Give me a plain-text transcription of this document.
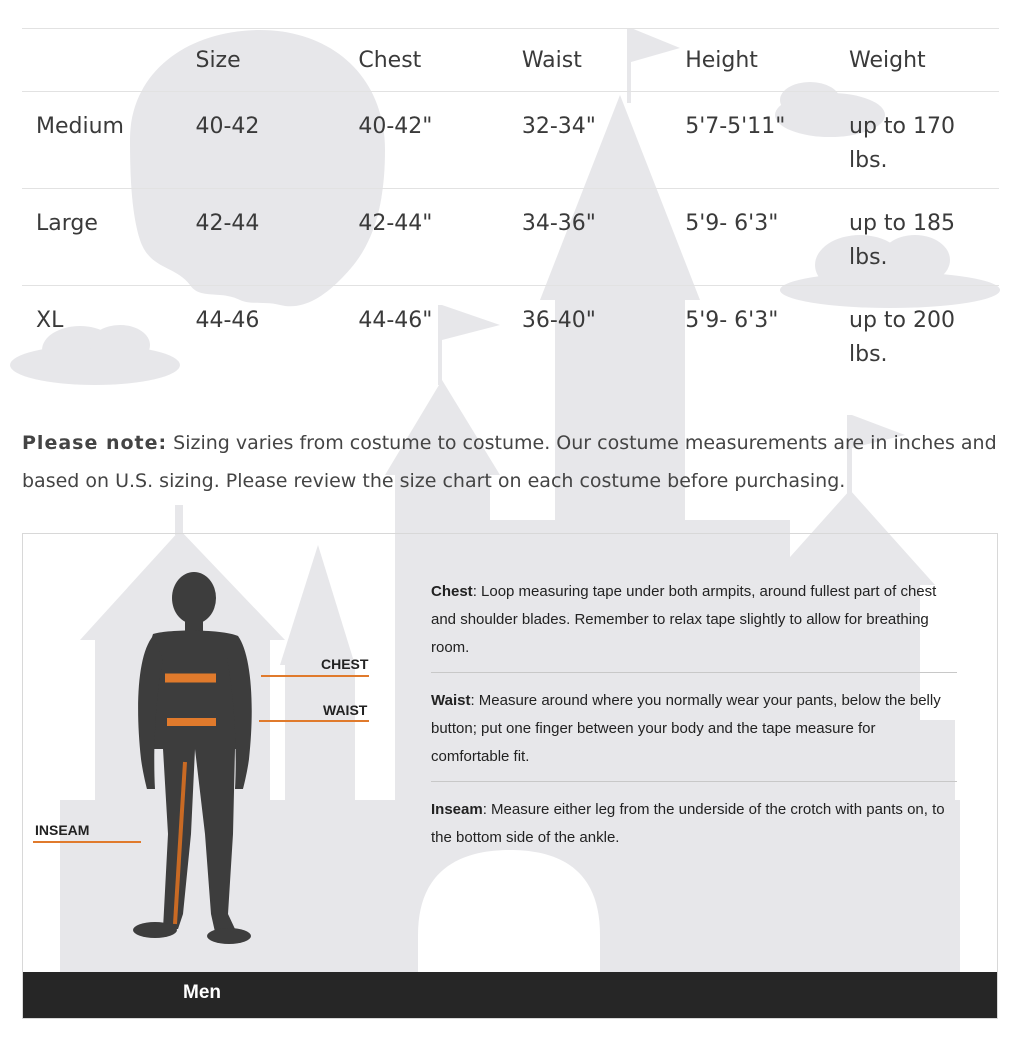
	Size	Chest	Waist	Height	Weight
Medium	40-42	40-42"	32-34"	5'7-5'11"	up to 170 lbs.
Large	42-44	42-44"	34-36"	5'9- 6'3"	up to 185 lbs.
XL	44-46	44-46"	36-40"	5'9- 6'3"	up to 200 lbs.
Please note: Sizing varies from costume to costume. Our costume measurements are in inches and based on U.S. sizing. Please review the size chart on each costume before purchasing.
CHEST
WAIST
INSEAM
Chest: Loop measuring tape under both armpits, around fullest part of chest and shoulder blades. Remember to relax tape slightly to allow for breathing room.
Waist: Measure around where you normally wear your pants, below the belly button; put one finger between your body and the tape measure for comfortable fit.
Inseam: Measure either leg from the underside of the crotch with pants on, to the bottom side of the ankle.
Men
